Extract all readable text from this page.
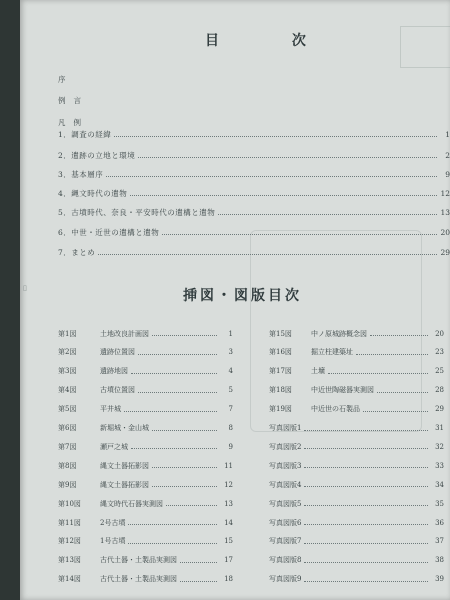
▯
目 次
序
例言
凡例
1．調査の経緯	1
2．遺跡の立地と環境	2
3．基本層序	9
4．縄文時代の遺物	12
5．古墳時代、奈良・平安時代の遺構と遺物	13
6．中世・近世の遺構と遺物	20
7．まとめ	29
挿図・図版目次
第1図	土地改良計画図	1
第2図	遺跡位置図	3
第3図	遺跡地図	4
第4図	古墳位置図	5
第5図	平井城	7
第6図	新堀城・金山城	8
第7図	瀬戸之城	9
第8図	縄文土器拓影図	11
第9図	縄文土器拓影図	12
第10図	縄文時代石器実測図	13
第11図	2号古墳	14
第12図	1号古墳	15
第13図	古代土器・土製品実測図	17
第14図	古代土器・土製品実測図	18
第15図	中ノ原城跡概念図	20
第16図	掘立柱建築址	23
第17図	土壙	25
第18図	中近世陶磁器実測図	28
第19図	中近世の石製品	29
写真図版1	31
写真図版2	32
写真図版3	33
写真図版4	34
写真図版5	35
写真図版6	36
写真図版7	37
写真図版8	38
写真図版9	39
